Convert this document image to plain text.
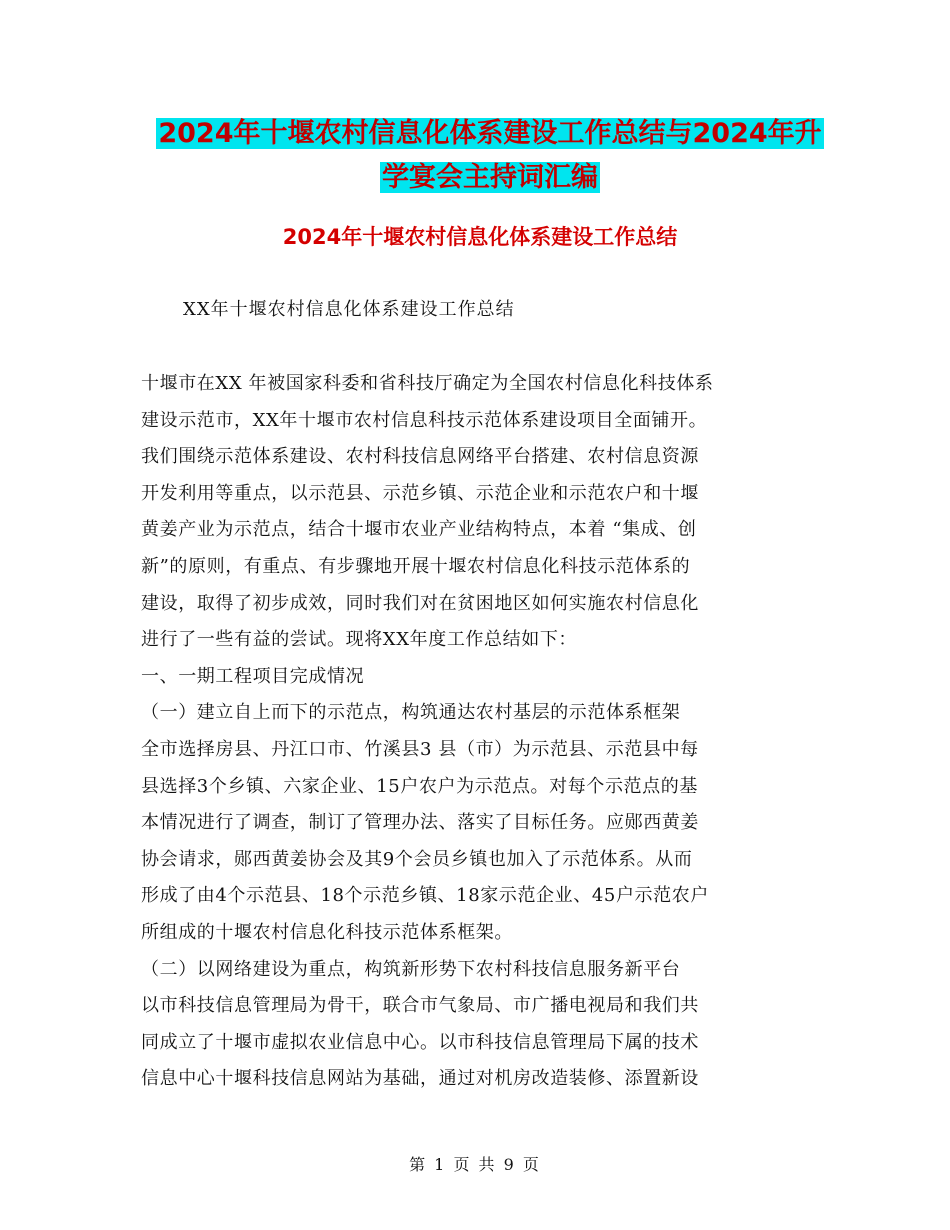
2024年十堰农村信息化体系建设工作总结与2024年升
学宴会主持词汇编
2024年十堰农村信息化体系建设工作总结
XX年十堰农村信息化体系建设工作总结
十堰市在XX 年被国家科委和省科技厅确定为全国农村信息化科技体系
建设示范市，XX年十堰市农村信息科技示范体系建设项目全面铺开。
我们围绕示范体系建设、农村科技信息网络平台搭建、农村信息资源
开发利用等重点，以示范县、示范乡镇、示范企业和示范农户和十堰
黄姜产业为示范点，结合十堰市农业产业结构特点，本着 “集成、创
新”的原则，有重点、有步骤地开展十堰农村信息化科技示范体系的
建设，取得了初步成效，同时我们对在贫困地区如何实施农村信息化
进行了一些有益的尝试。现将XX年度工作总结如下：
一、一期工程项目完成情况
（一）建立自上而下的示范点，构筑通达农村基层的示范体系框架
全市选择房县、丹江口市、竹溪县3 县（市）为示范县、示范县中每
县选择3个乡镇、六家企业、15户农户为示范点。对每个示范点的基
本情况进行了调查，制订了管理办法、落实了目标任务。应郧西黄姜
协会请求，郧西黄姜协会及其9个会员乡镇也加入了示范体系。从而
形成了由4个示范县、18个示范乡镇、18家示范企业、45户示范农户
所组成的十堰农村信息化科技示范体系框架。
（二）以网络建设为重点，构筑新形势下农村科技信息服务新平台
以市科技信息管理局为骨干，联合市气象局、市广播电视局和我们共
同成立了十堰市虚拟农业信息中心。以市科技信息管理局下属的技术
信息中心十堰科技信息网站为基础，通过对机房改造装修、添置新设
第 1 页 共 9 页
